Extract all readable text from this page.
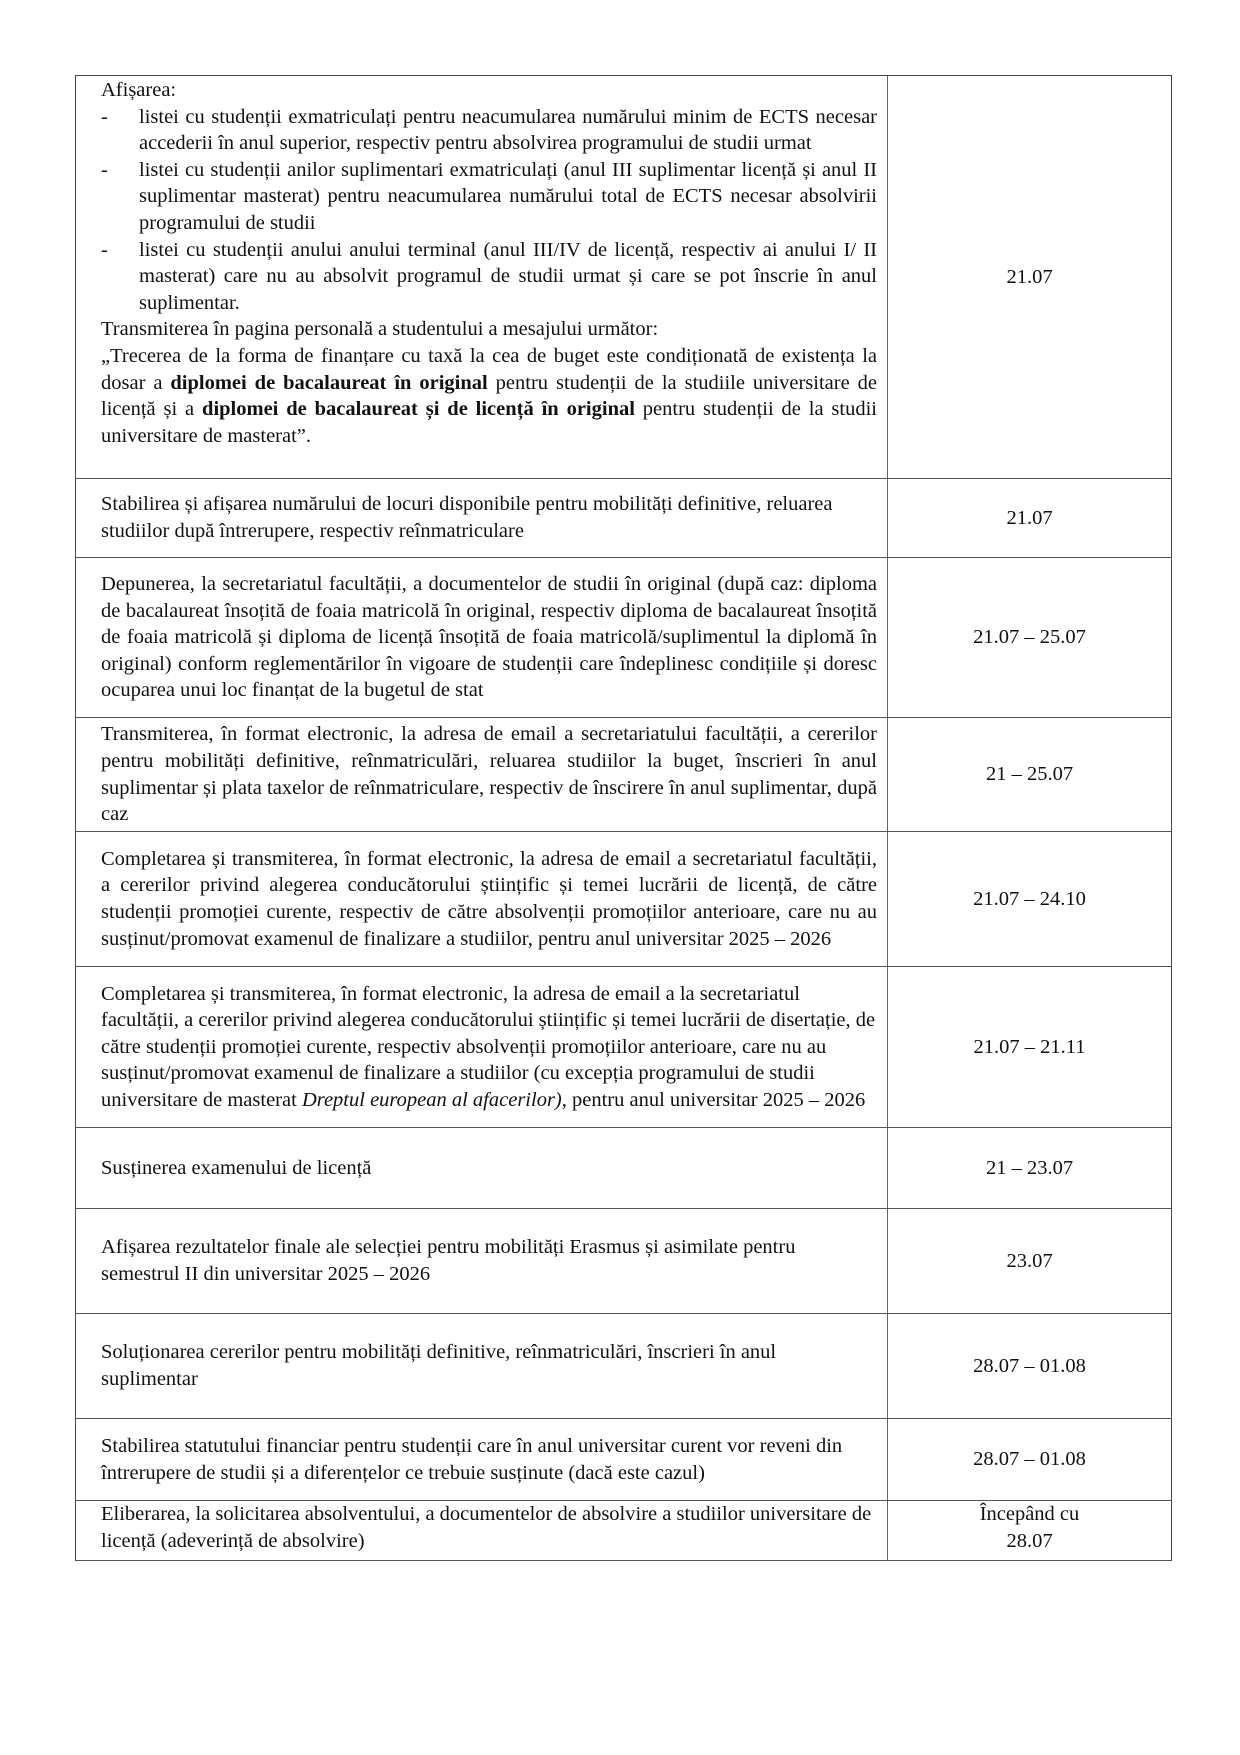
Afișarea:
-	listei cu studenții exmatriculați pentru neacumularea numărului minim de ECTS necesar accederii în anul superior, respectiv pentru absolvirea programului de studii urmat
-	listei cu studenții anilor suplimentari exmatriculați (anul III suplimentar licență și anul II suplimentar masterat) pentru neacumularea numărului total de ECTS necesar absolvirii programului de studii
-	listei cu studenții anului anului terminal (anul III/IV de licență, respectiv ai anului I/ II masterat) care nu au absolvit programul de studii urmat și care se pot înscrie în anul suplimentar.
Transmiterea în pagina personală a studentului a mesajului următor:
„Trecerea de la forma de finanțare cu taxă la cea de buget este condiționată de existența la dosar a diplomei de bacalaureat în original pentru studenții de la studiile universitare de licență și a diplomei de bacalaureat și de licență în original pentru studenții de la studii universitare de masterat”.
21.07
Stabilirea și afișarea numărului de locuri disponibile pentru mobilități definitive, reluarea studiilor după întrerupere, respectiv reînmatriculare
21.07
Depunerea, la secretariatul facultății, a documentelor de studii în original (după caz: diploma de bacalaureat însoțită de foaia matricolă în original, respectiv diploma de bacalaureat însoțită de foaia matricolă și diploma de licență însoțită de foaia matricolă/suplimentul la diplomă în original) conform reglementărilor în vigoare de studenții care îndeplinesc condițiile și doresc ocuparea unui loc finanțat de la bugetul de stat
21.07 – 25.07
Transmiterea, în format electronic, la adresa de email a secretariatului facultății, a cererilor pentru mobilități definitive, reînmatriculări, reluarea studiilor la buget, înscrieri în anul suplimentar și plata taxelor de reînmatriculare, respectiv de înscirere în anul suplimentar, după caz
21 – 25.07
Completarea și transmiterea, în format electronic, la adresa de email a secretariatul facultății, a cererilor privind alegerea conducătorului științific și temei lucrării de licență, de către studenții promoției curente, respectiv de către absolvenții promoțiilor anterioare, care nu au susținut/promovat examenul de finalizare a studiilor, pentru anul universitar 2025 – 2026
21.07 – 24.10
Completarea și transmiterea, în format electronic, la adresa de email a la secretariatul facultății, a cererilor privind alegerea conducătorului științific și temei lucrării de disertație, de către studenții promoției curente, respectiv absolvenții promoțiilor anterioare, care nu au susținut/promovat examenul de finalizare a studiilor (cu excepția programului de studii universitare de masterat Dreptul european al afacerilor), pentru anul universitar 2025 – 2026
21.07 – 21.11
Susținerea examenului de licență	21 – 23.07
Afișarea rezultatelor finale ale selecției pentru mobilități Erasmus și asimilate pentru semestrul II din universitar 2025 – 2026
23.07
Soluționarea cererilor pentru mobilități definitive, reînmatriculări, înscrieri în anul suplimentar
28.07 – 01.08
Stabilirea statutului financiar pentru studenții care în anul universitar curent vor reveni din întrerupere de studii și a diferențelor ce trebuie susținute (dacă este cazul)
28.07 – 01.08
Eliberarea, la solicitarea absolventului, a documentelor de absolvire a studiilor universitare de licență (adeverință de absolvire)
Începând cu
28.07
